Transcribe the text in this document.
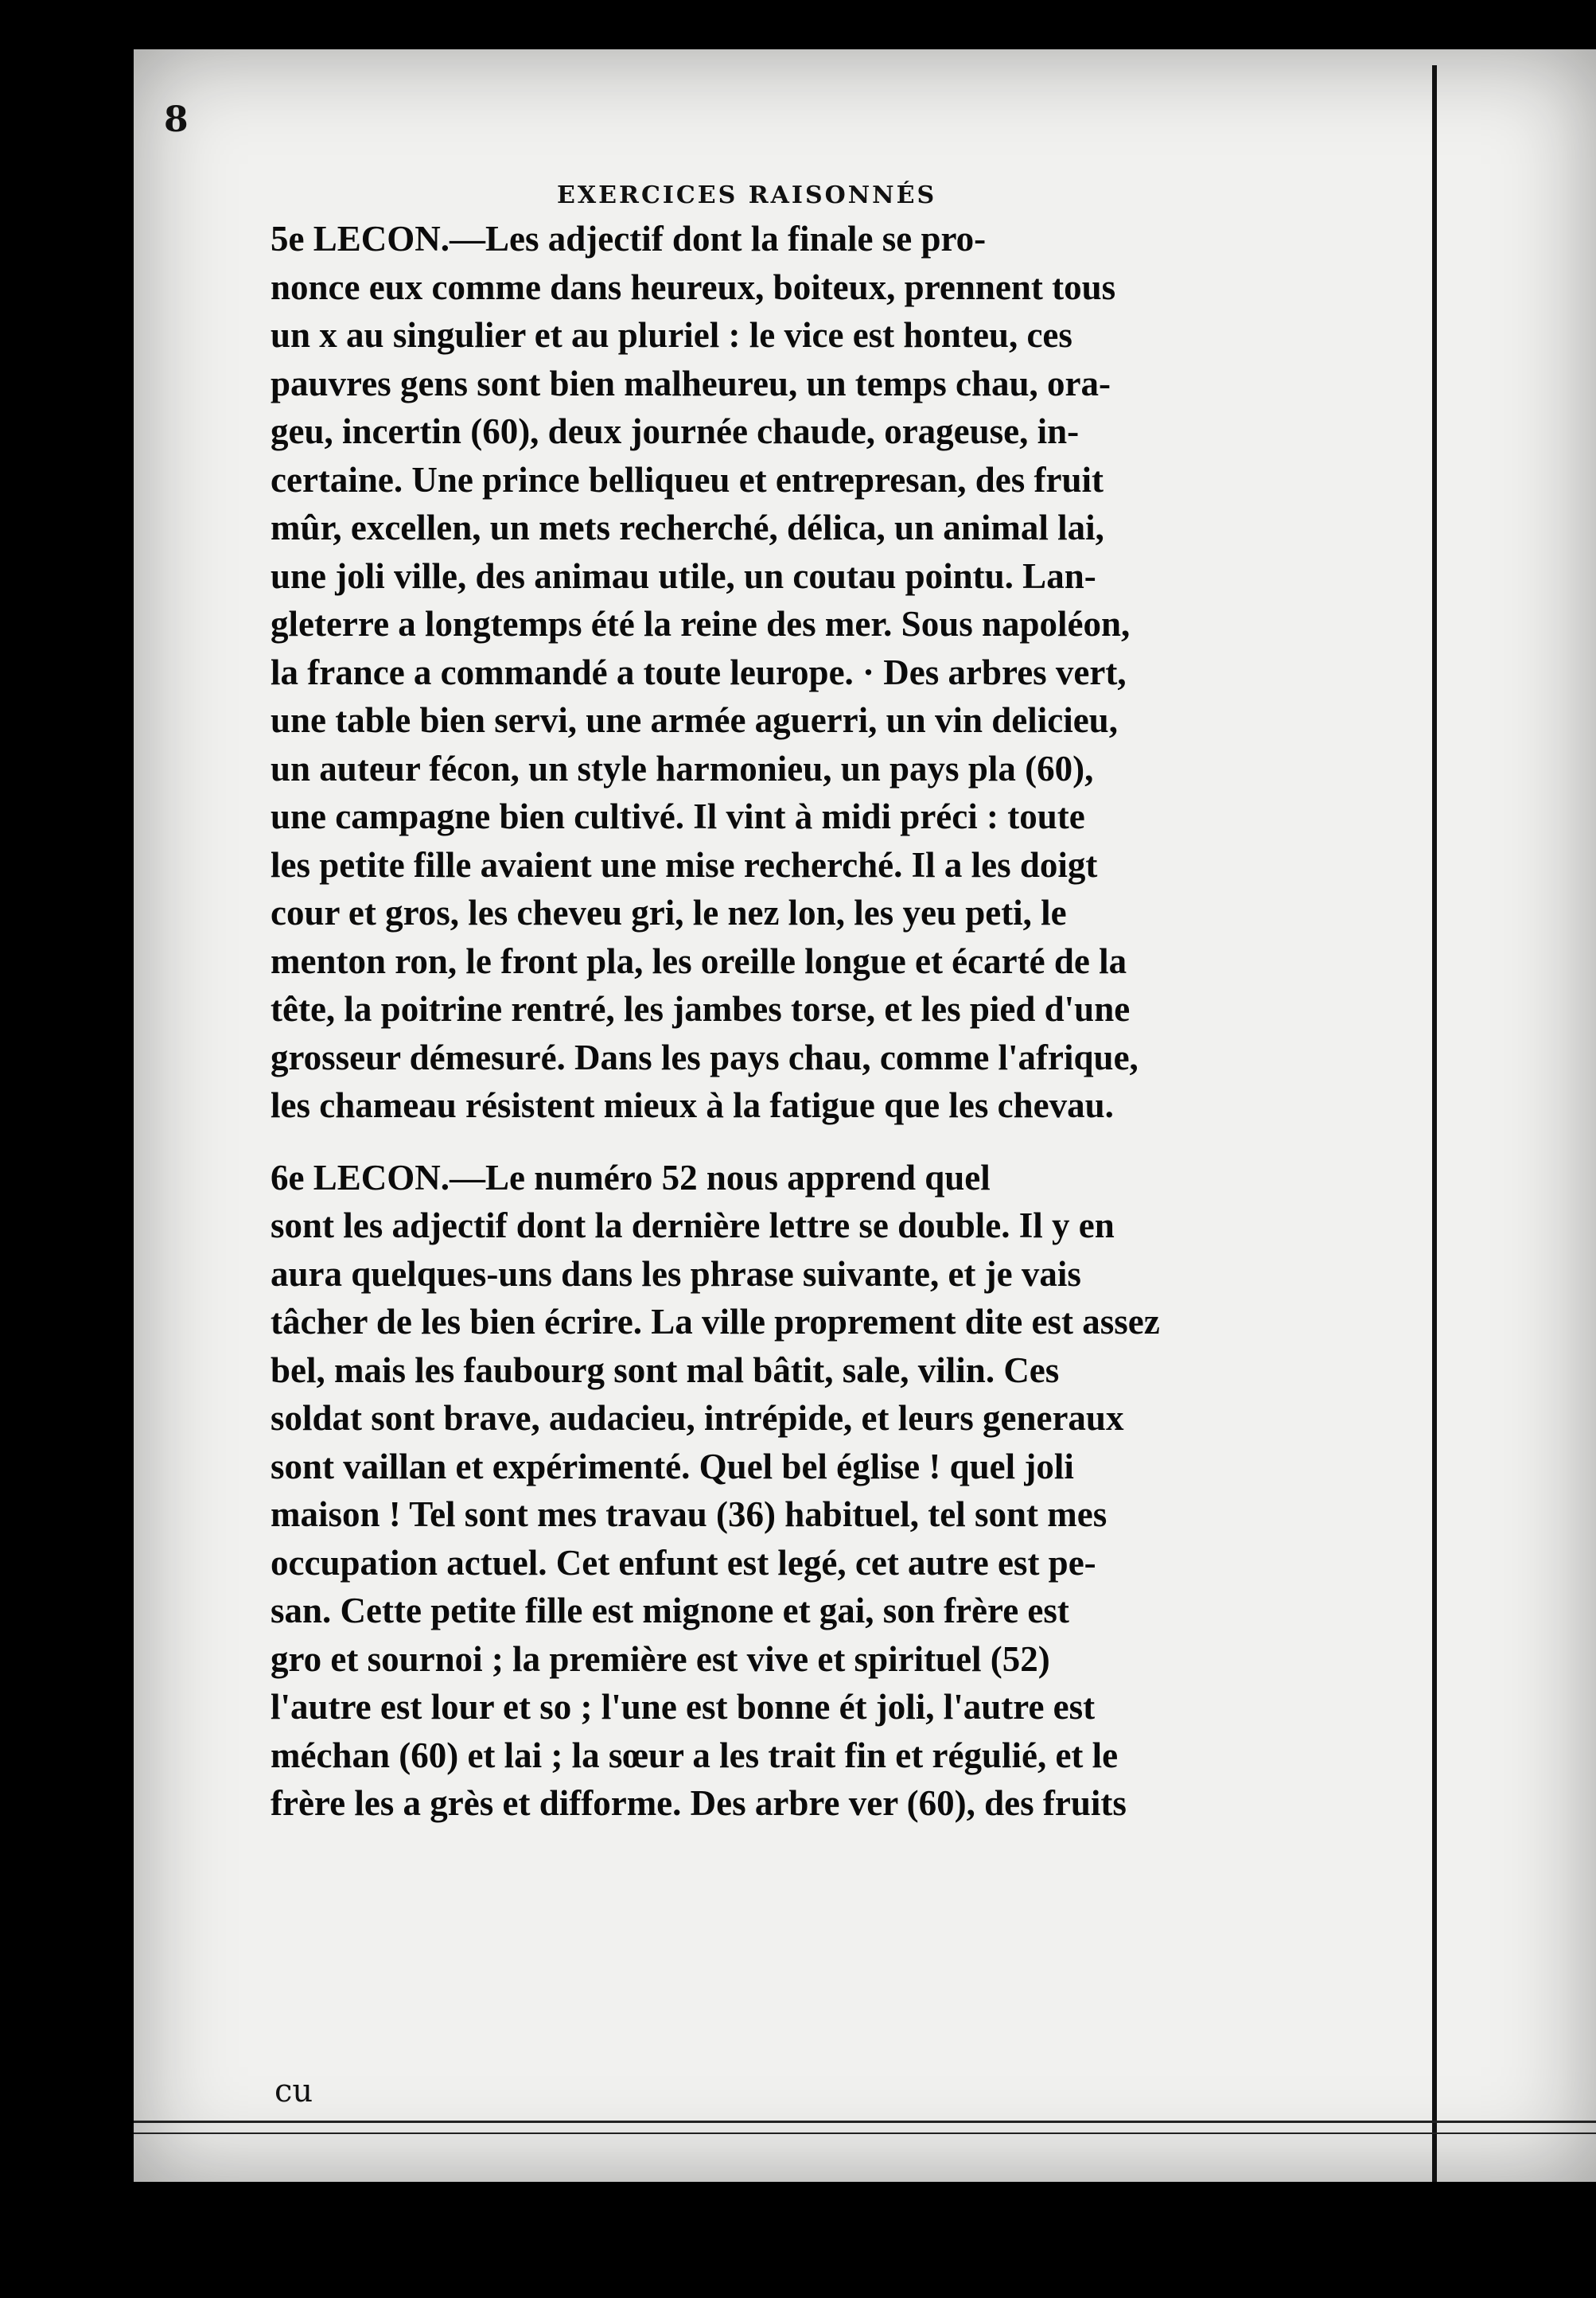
8
EXERCICES RAISONNÉS
5e LECON.—Les adjectif dont la finale se pro-
nonce eux comme dans heureux, boiteux, prennent tous
un x au singulier et au pluriel : le vice est honteu, ces
pauvres gens sont bien malheureu, un temps chau, ora-
geu, incertin (60), deux journée chaude, orageuse, in-
certaine. Une prince belliqueu et entrepresan, des fruit
mûr, excellen, un mets recherché, délica, un animal lai,
une joli ville, des animau utile, un coutau pointu. Lan-
gleterre a longtemps été la reine des mer. Sous napoléon,
la france a commandé a toute leurope. · Des arbres vert,
une table bien servi, une armée aguerri, un vin delicieu,
un auteur fécon, un style harmonieu, un pays pla (60),
une campagne bien cultivé. Il vint à midi préci : toute
les petite fille avaient une mise recherché. Il a les doigt
cour et gros, les cheveu gri, le nez lon, les yeu peti, le
menton ron, le front pla, les oreille longue et écarté de la
tête, la poitrine rentré, les jambes torse, et les pied d'une
grosseur démesuré. Dans les pays chau, comme l'afrique,
les chameau résistent mieux à la fatigue que les chevau.
6e LECON.—Le numéro 52 nous apprend quel
sont les adjectif dont la dernière lettre se double. Il y en
aura quelques-uns dans les phrase suivante, et je vais
tâcher de les bien écrire. La ville proprement dite est assez
bel, mais les faubourg sont mal bâtit, sale, vilin. Ces
soldat sont brave, audacieu, intrépide, et leurs generaux
sont vaillan et expérimenté. Quel bel église ! quel joli
maison ! Tel sont mes travau (36) habituel, tel sont mes
occupation actuel. Cet enfunt est legé, cet autre est pe-
san. Cette petite fille est mignone et gai, son frère est
gro et sournoi ; la première est vive et spirituel (52)
l'autre est lour et so ; l'une est bonne ét joli, l'autre est
méchan (60) et lai ; la sœur a les trait fin et régulié, et le
frère les a grès et difforme. Des arbre ver (60), des fruits
cu
